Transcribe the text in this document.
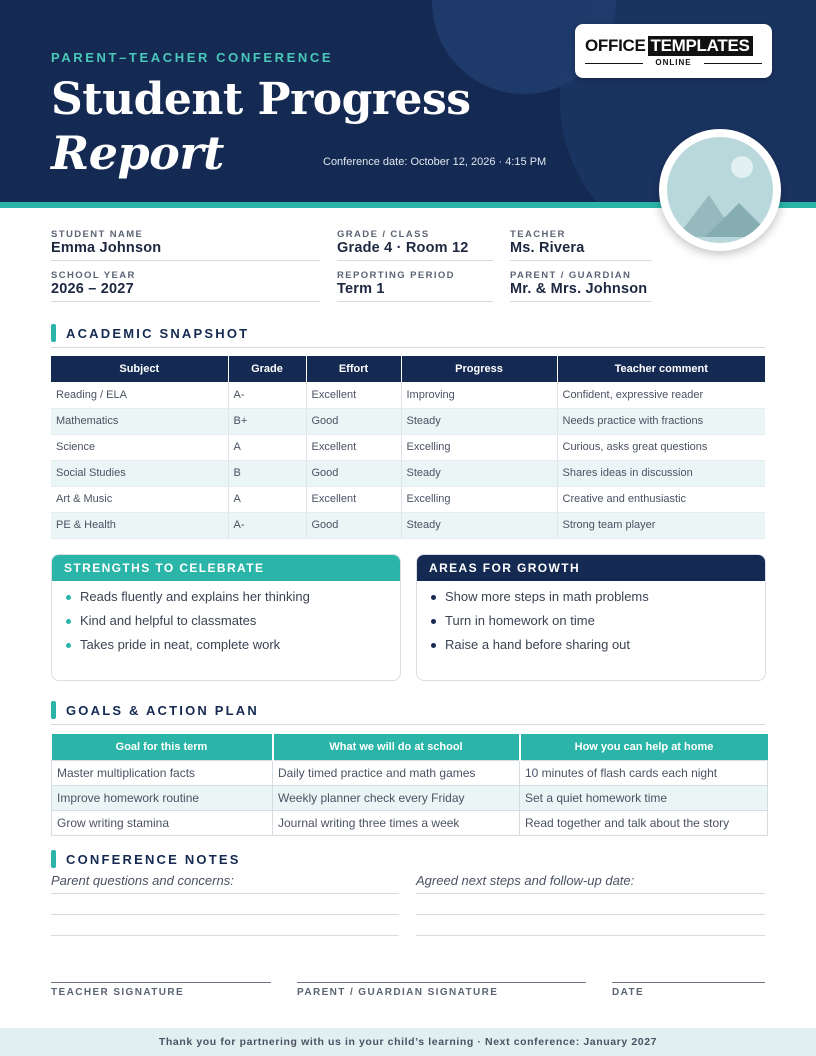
PARENT–TEACHER CONFERENCE
Student Progress
Report	Conference date: October 12, 2026 · 4:15 PM
OFFICE TEMPLATES
ONLINE
STUDENT NAME
Emma Johnson
GRADE / CLASS
Grade 4 · Room 12
TEACHER
Ms. Rivera
SCHOOL YEAR
2026 – 2027
REPORTING PERIOD
Term 1
PARENT / GUARDIAN
Mr. & Mrs. Johnson
ACADEMIC SNAPSHOT
Subject	Grade	Effort	Progress	Teacher comment
Reading / ELA	A-	Excellent	Improving	Confident, expressive reader
Mathematics	B+	Good	Steady	Needs practice with fractions
Science	A	Excellent	Excelling	Curious, asks great questions
Social Studies	B	Good	Steady	Shares ideas in discussion
Art & Music	A	Excellent	Excelling	Creative and enthusiastic
PE & Health	A-	Good	Steady	Strong team player
STRENGTHS TO CELEBRATE
Reads fluently and explains her thinking
Kind and helpful to classmates
Takes pride in neat, complete work
AREAS FOR GROWTH
Show more steps in math problems
Turn in homework on time
Raise a hand before sharing out
GOALS & ACTION PLAN
Goal for this term	What we will do at school	How you can help at home
Master multiplication facts	Daily timed practice and math games	10 minutes of flash cards each night
Improve homework routine	Weekly planner check every Friday	Set a quiet homework time
Grow writing stamina	Journal writing three times a week	Read together and talk about the story
CONFERENCE NOTES
Parent questions and concerns:	Agreed next steps and follow-up date:
TEACHER SIGNATURE	PARENT / GUARDIAN SIGNATURE	DATE
Thank you for partnering with us in your child’s learning · Next conference: January 2027
